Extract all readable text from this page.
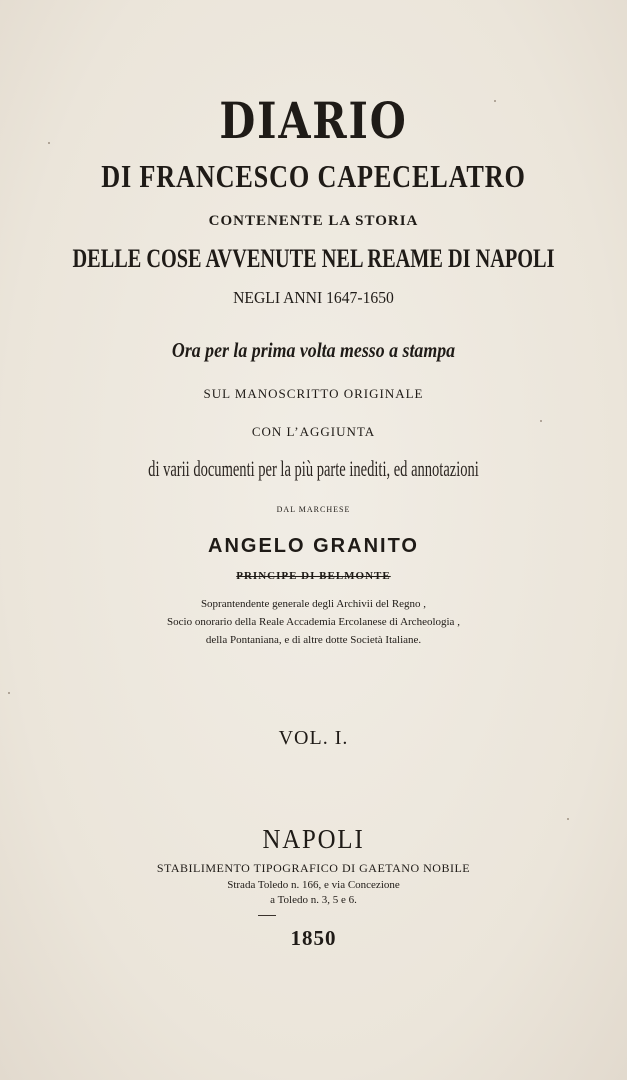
DIARIO
DI FRANCESCO CAPECELATRO
CONTENENTE LA STORIA
DELLE COSE AVVENUTE NEL REAME DI NAPOLI
NEGLI ANNI 1647-1650
Ora per la prima volta messo a stampa
SUL MANOSCRITTO ORIGINALE
CON L’AGGIUNTA
di varii documenti per la più parte inediti, ed annotazioni
DAL MARCHESE
ANGELO GRANITO
PRINCIPE DI BELMONTE
Soprantendente generale degli Archivii del Regno ,
Socio onorario della Reale Accademia Ercolanese di Archeologia ,
della Pontaniana, e di altre dotte Società Italiane.
VOL. I.
NAPOLI
STABILIMENTO TIPOGRAFICO DI GAETANO NOBILE
Strada Toledo n. 166, e via Concezione
a Toledo n. 3, 5 e 6.
1850
